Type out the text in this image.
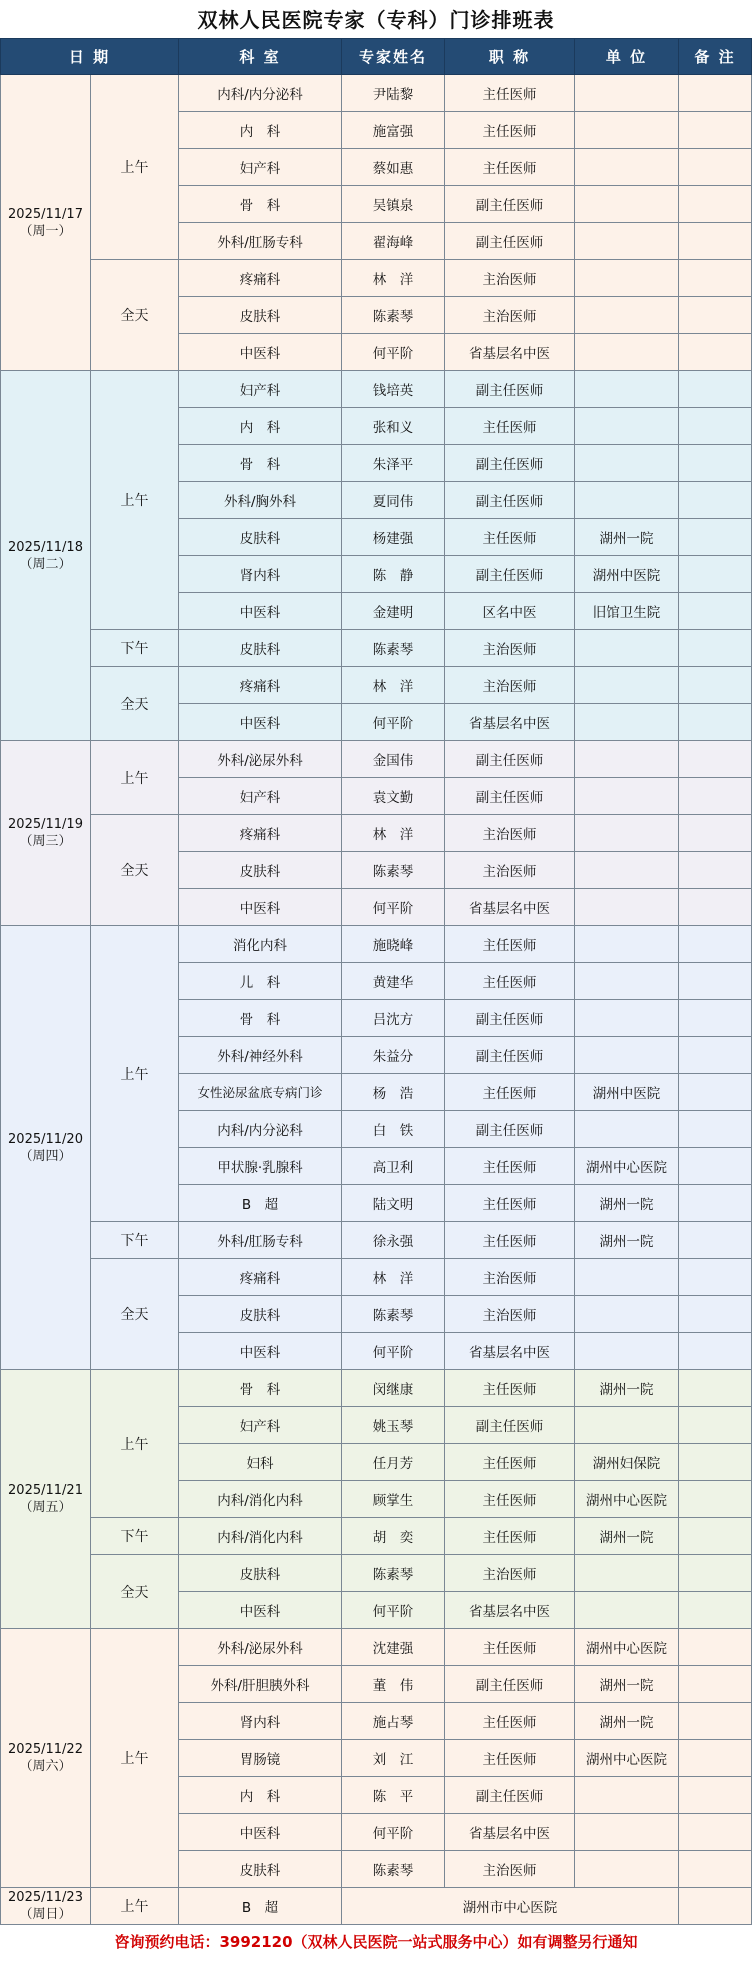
双林人民医院专家（专科）门诊排班表
日 期		科 室	专家姓名	职 称	单 位	备 注

2025/11/17
（周一）	上午	内科/内分泌科	尹陆黎	主任医师		
		内　科	施富强	主任医师		
		妇产科	蔡如惠	主任医师		
		骨　科	吴镇泉	副主任医师		
		外科/肛肠专科	翟海峰	副主任医师		
	全天	疼痛科	林　洋	主治医师		
		皮肤科	陈素琴	主治医师		
		中医科	何平阶	省基层名中医		

2025/11/18
（周二）	上午	妇产科	钱培英	副主任医师		
		内　科	张和义	主任医师		
		骨　科	朱泽平	副主任医师		
		外科/胸外科	夏同伟	副主任医师		
		皮肤科	杨建强	主任医师	湖州一院	
		肾内科	陈　静	副主任医师	湖州中医院	
		中医科	金建明	区名中医	旧馆卫生院	
	下午	皮肤科	陈素琴	主治医师		
	全天	疼痛科	林　洋	主治医师		
		中医科	何平阶	省基层名中医		

2025/11/19
（周三）	上午	外科/泌尿外科	金国伟	副主任医师		
		妇产科	袁文勤	副主任医师		
	全天	疼痛科	林　洋	主治医师		
		皮肤科	陈素琴	主治医师		
		中医科	何平阶	省基层名中医		

2025/11/20
（周四）	上午	消化内科	施晓峰	主任医师		
		儿　科	黄建华	主任医师		
		骨　科	吕沈方	副主任医师		
		外科/神经外科	朱益分	副主任医师		
		女性泌尿盆底专病门诊	杨　浩	主任医师	湖州中医院	
		内科/内分泌科	白　铁	副主任医师		
		甲状腺·乳腺科	高卫利	主任医师	湖州中心医院	
		B　超	陆文明	主任医师	湖州一院	
	下午	外科/肛肠专科	徐永强	主任医师	湖州一院	
	全天	疼痛科	林　洋	主治医师		
		皮肤科	陈素琴	主治医师		
		中医科	何平阶	省基层名中医		

2025/11/21
（周五）	上午	骨　科	闵继康	主任医师	湖州一院	
		妇产科	姚玉琴	副主任医师		
		妇科	任月芳	主任医师	湖州妇保院	
		内科/消化内科	顾掌生	主任医师	湖州中心医院	
	下午	内科/消化内科	胡　奕	主任医师	湖州一院	
	全天	皮肤科	陈素琴	主治医师		
		中医科	何平阶	省基层名中医		

2025/11/22
（周六）	上午	外科/泌尿外科	沈建强	主任医师	湖州中心医院	
		外科/肝胆胰外科	董　伟	副主任医师	湖州一院	
		肾内科	施占琴	主任医师	湖州一院	
		胃肠镜	刘　江	主任医师	湖州中心医院	
		内　科	陈　平	副主任医师		
		中医科	何平阶	省基层名中医		
		皮肤科	陈素琴	主治医师		

2025/11/23
（周日）	上午	B　超	湖州市中心医院			
咨询预约电话：3992120（双林人民医院一站式服务中心）如有调整另行通知
